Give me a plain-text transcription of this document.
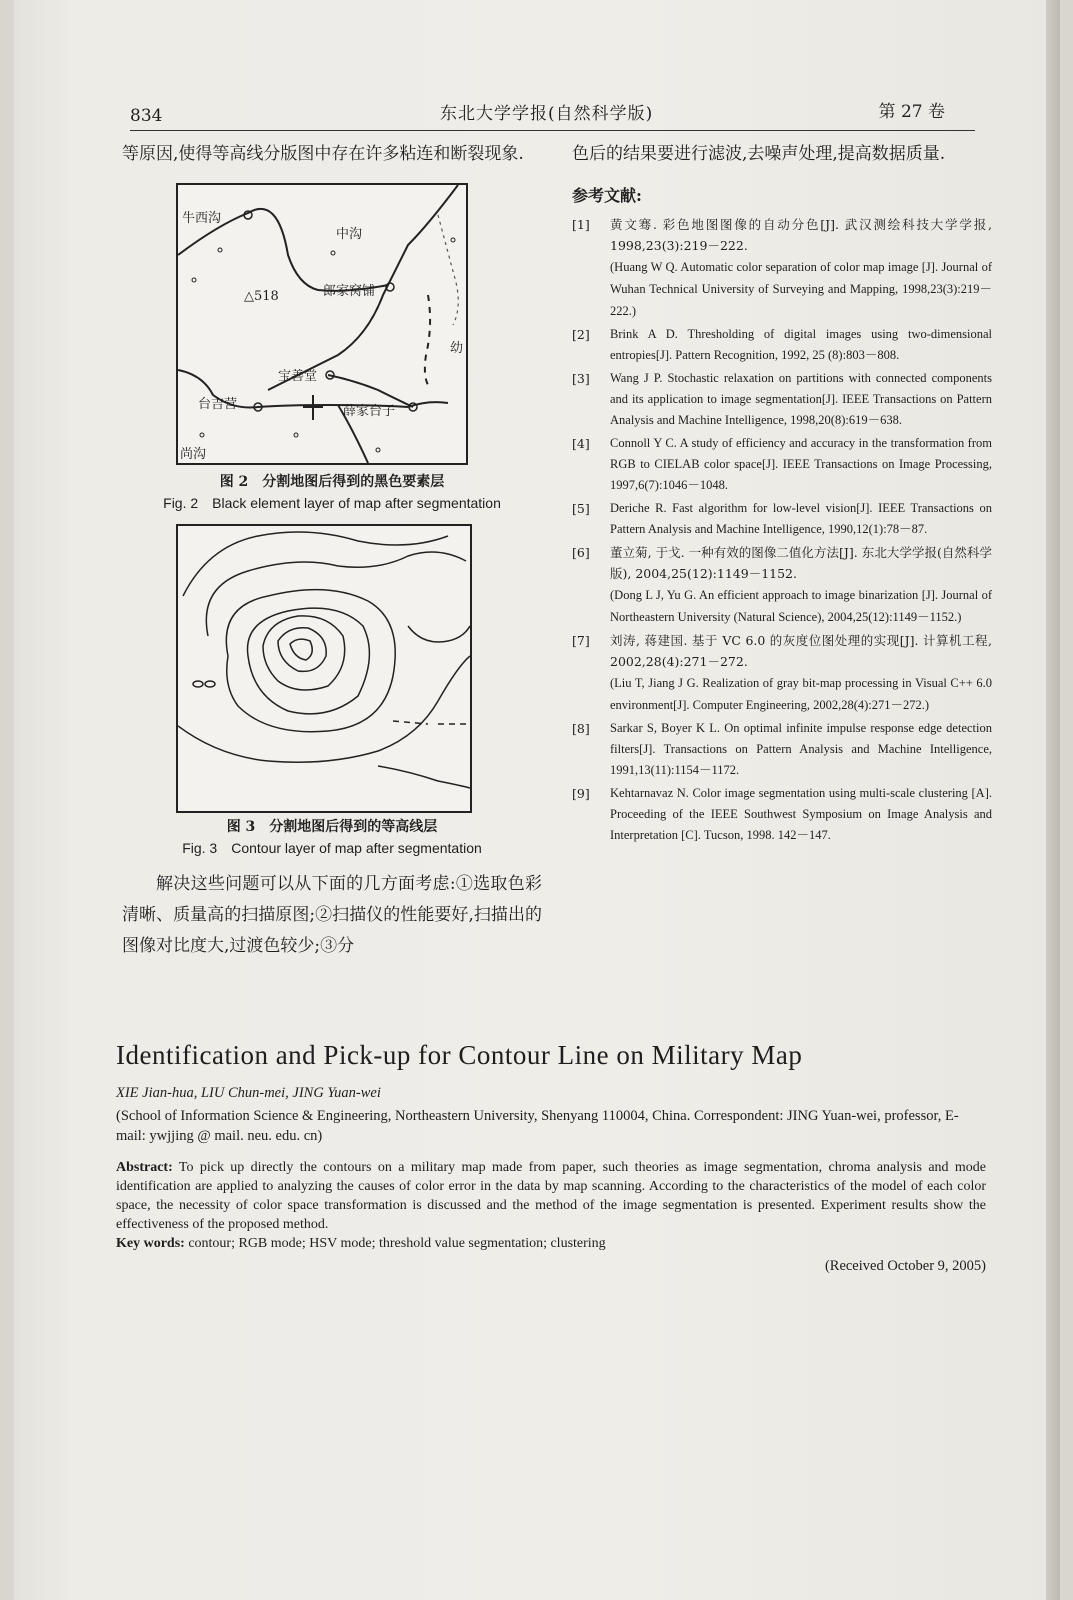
834	东北大学学报(自然科学版)	第 27 卷

等原因,使得等高线分版图中存在许多粘连和断裂现象.

牛西沟
中沟
郎家窝铺
△518
宝善堂
台吉营	薛家台子
尚沟
幼

图 2　分割地图后得到的黑色要素层

Fig. 2　Black element layer of map after segmentation

图 3　分割地图后得到的等高线层

Fig. 3　Contour layer of map after segmentation

解决这些问题可以从下面的几方面考虑:①选取色彩清晰、质量高的扫描原图;②扫描仪的性能要好,扫描出的图像对比度大,过渡色较少;③分

色后的结果要进行滤波,去噪声处理,提高数据质量.

参考文献:

[1]	黄文骞. 彩色地图图像的自动分色[J]. 武汉测绘科技大学学报, 1998,23(3):219－222.
(Huang W Q. Automatic color separation of color map image [J]. Journal of Wuhan Technical University of Surveying and Mapping, 1998,23(3):219－222.)
[2]	Brink A D. Thresholding of digital images using two-dimensional entropies[J]. Pattern Recognition, 1992, 25 (8):803－808.
[3]	Wang J P. Stochastic relaxation on partitions with connected components and its application to image segmentation[J]. IEEE Transactions on Pattern Analysis and Machine Intelligence, 1998,20(8):619－638.
[4]	Connoll Y C. A study of efficiency and accuracy in the transformation from RGB to CIELAB color space[J]. IEEE Transactions on Image Processing, 1997,6(7):1046－1048.
[5]	Deriche R. Fast algorithm for low-level vision[J]. IEEE Transactions on Pattern Analysis and Machine Intelligence, 1990,12(1):78－87.
[6]	董立菊, 于戈. 一种有效的图像二值化方法[J]. 东北大学学报(自然科学版), 2004,25(12):1149－1152.
(Dong L J, Yu G. An efficient approach to image binarization [J]. Journal of Northeastern University (Natural Science), 2004,25(12):1149－1152.)
[7]	刘涛, 蒋建国. 基于 VC 6.0 的灰度位图处理的实现[J]. 计算机工程, 2002,28(4):271－272.
(Liu T, Jiang J G. Realization of gray bit-map processing in Visual C++ 6.0 environment[J]. Computer Engineering, 2002,28(4):271－272.)
[8]	Sarkar S, Boyer K L. On optimal infinite impulse response edge detection filters[J]. Transactions on Pattern Analysis and Machine Intelligence, 1991,13(11):1154－1172.
[9]	Kehtarnavaz N. Color image segmentation using multi-scale clustering [A]. Proceeding of the IEEE Southwest Symposium on Image Analysis and Interpretation [C]. Tucson, 1998. 142－147.

Identification and Pick-up for Contour Line on Military Map

XIE Jian-hua, LIU Chun-mei, JING Yuan-wei

(School of Information Science & Engineering, Northeastern University, Shenyang 110004, China. Correspondent: JING Yuan-wei, professor, E-mail: ywjjing @ mail. neu. edu. cn)

Abstract: To pick up directly the contours on a military map made from paper, such theories as image segmentation, chroma analysis and mode identification are applied to analyzing the causes of color error in the data by map scanning. According to the characteristics of the model of each color space, the necessity of color space transformation is discussed and the method of the image segmentation is presented. Experiment results show the effectiveness of the proposed method.

Key words: contour; RGB mode; HSV mode; threshold value segmentation; clustering

(Received October 9, 2005)
